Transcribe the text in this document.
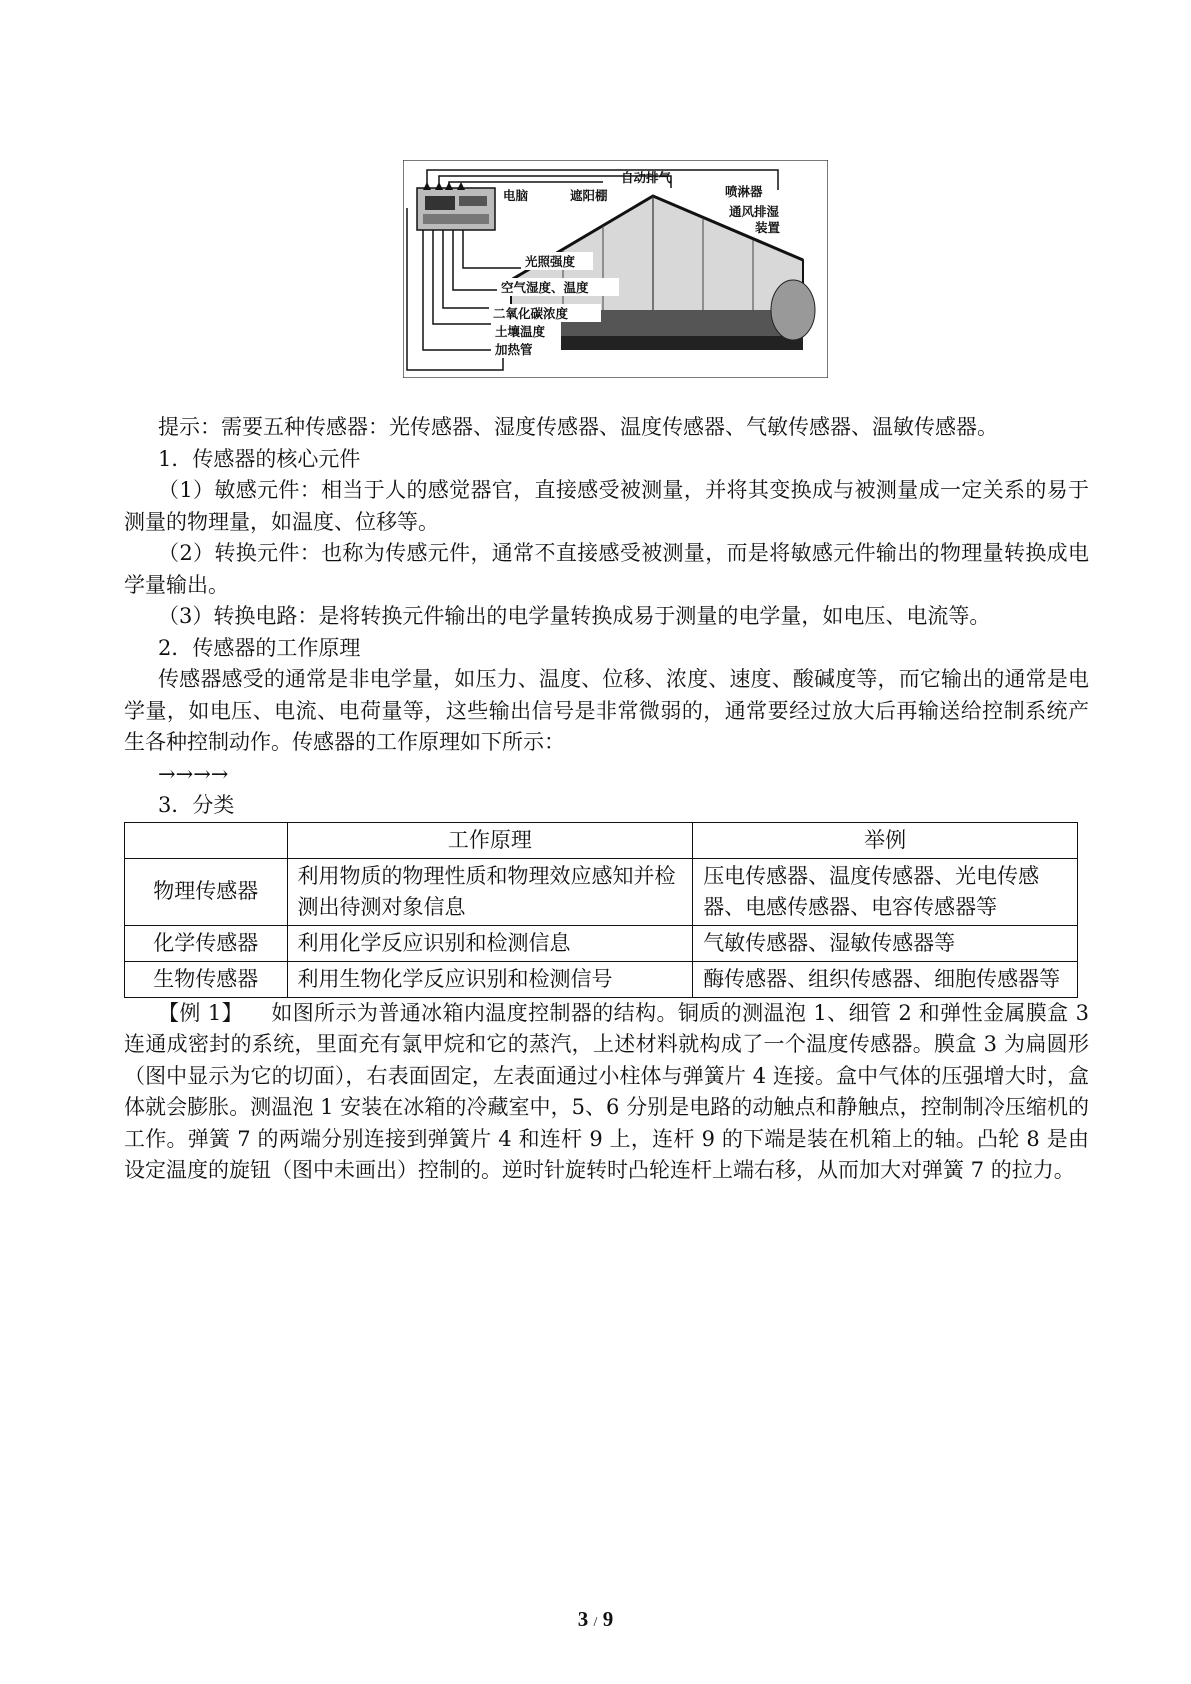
电脑	遮阳棚
自动排气
喷淋器
通风排湿
装置
光照强度
空气湿度、温度
二氧化碳浓度
土壤温度
加热管

提示：需要五种传感器：光传感器、湿度传感器、温度传感器、气敏传感器、温敏传感器。

1．传感器的核心元件

（1）敏感元件：相当于人的感觉器官，直接感受被测量，并将其变换成与被测量成一定关系的易于测量的物理量，如温度、位移等。

（2）转换元件：也称为传感元件，通常不直接感受被测量，而是将敏感元件输出的物理量转换成电学量输出。

（3）转换电路：是将转换元件输出的电学量转换成易于测量的电学量，如电压、电流等。

2．传感器的工作原理

传感器感受的通常是非电学量，如压力、温度、位移、浓度、速度、酸碱度等，而它输出的通常是电学量，如电压、电流、电荷量等，这些输出信号是非常微弱的，通常要经过放大后再输送给控制系统产生各种控制动作。传感器的工作原理如下所示：

→→→→

3．分类

	工作原理	举例
物理传感器	利用物质的物理性质和物理效应感知并检测出待测对象信息	压电传感器、温度传感器、光电传感器、电感传感器、电容传感器等
化学传感器	利用化学反应识别和检测信息	气敏传感器、湿敏传感器等
生物传感器	利用生物化学反应识别和检测信号	酶传感器、组织传感器、细胞传感器等

【例 1】 如图所示为普通冰箱内温度控制器的结构。铜质的测温泡 1、细管 2 和弹性金属膜盒 3 连通成密封的系统，里面充有氯甲烷和它的蒸汽，上述材料就构成了一个温度传感器。膜盒 3 为扁圆形（图中显示为它的切面），右表面固定，左表面通过小柱体与弹簧片 4 连接。盒中气体的压强增大时，盒体就会膨胀。测温泡 1 安装在冰箱的冷藏室中，5、6 分别是电路的动触点和静触点，控制制冷压缩机的工作。弹簧 7 的两端分别连接到弹簧片 4 和连杆 9 上，连杆 9 的下端是装在机箱上的轴。凸轮 8 是由设定温度的旋钮（图中未画出）控制的。逆时针旋转时凸轮连杆上端右移，从而加大对弹簧 7 的拉力。

3 / 9
